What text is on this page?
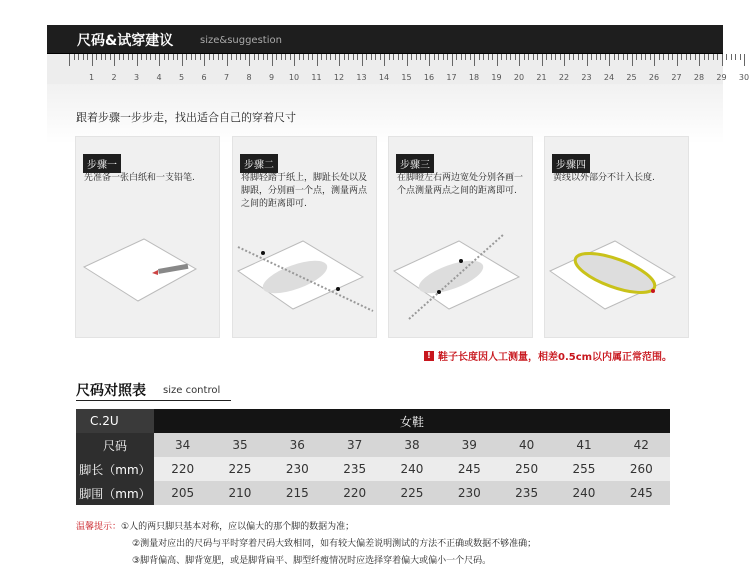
尺码&试穿建议	size&suggestion
1	2	3	4	5	6	7	8	9	10	11	12	13	14	15	16	17	18	19	20	21	22	23	24	25	26	27	28	29	30
跟着步骤一步步走，找出适合自己的穿着尺寸
步骤一
先准备一张白纸和一支铅笔.
步骤二
将脚轻踏于纸上，脚趾长处以及脚跟，分别画一个点，测量两点之间的距离即可.
步骤三
在脚瞪左右两边宽处分别各画一个点测量两点之间的距离即可.
步骤四
黄线以外部分不计入长度.
! 鞋子长度因人工测量，相差0.5cm以内属正常范围。
尺码对照表 size control
C.2U	女鞋								
尺码	34	35	36	37	38	39	40	41	42
脚长（mm）	220	225	230	235	240	245	250	255	260
脚围（mm）	205	210	215	220	225	230	235	240	245
温馨提示：①人的两只脚只基本对称，应以偏大的那个脚的数据为准；
②测量对应出的尺码与平时穿着尺码大致相同，如有较大偏差说明测试的方法不正确或数据不够准确；
③脚背偏高、脚背宽肥，或是脚背扁平、脚型纤瘦情况时应选择穿着偏大或偏小一个尺码。
